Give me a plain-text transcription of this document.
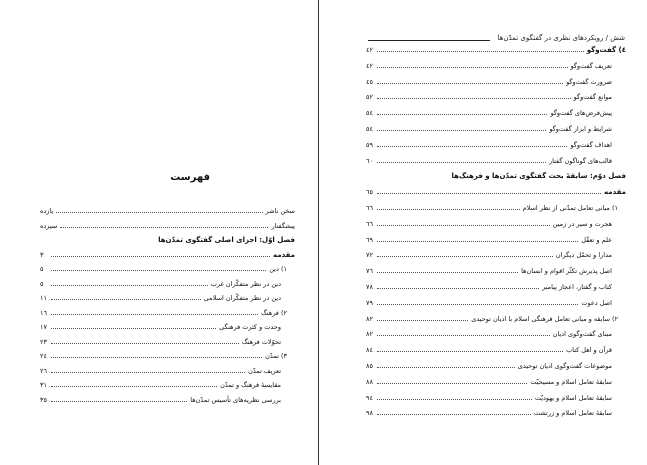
فهرست
سخن ناشر
یازده
پیشگفتار
سیزده
فصل اوّل: اجزای اصلی گفتگوی تمدّن‌ها
مقدمه
٣
١) دین
٥
دین در نظر متفکّران غرب
٥
دین در نظر متفکّران اسلامی
١١
٢) فرهنگ
١٦
وحدت و کثرت فرهنگی
١٧
تحوّلات فرهنگ
٢٣
٣) تمدّن
٢٤
تعریف تمدّن
٢٦
مقایسهٔ فرهنگ و تمدّن
٣١
بررسی نظریه‌های تأسیس تمدّن‌ها
٣٥
شش / رویکردهای نظری در گفتگوی تمدّن‌ها
٤) گفت‌وگو
٤٢
تعریف گفت‌وگو
٤٢
ضرورت گفت‌وگو
٤٥
موانع گفت‌وگو
٥٢
پیش‌فرض‌های گفت‌وگو
٥٤
شرایط و ابزار گفت‌وگو
٥٤
اهداف گفت‌وگو
٥٩
قالب‌های گوناگون گفتار
٦٠
فصل دوّم: سابقهٔ بحث گفتگوی تمدّن‌ها و فرهنگ‌ها
مقدمه
٦٥
١) مبانی تعامل تمدّنی از نظر اسلام
٦٦
هجرت و سیر در زمین
٦٦
علم و تعقّل
٦٩
مدارا و تحمّل دیگران
٧٢
اصل پذیرش تکثّر اقوام و انسان‌ها
٧٦
کتاب و گفتار، اعجاز پیامبر
٧٨
اصل دعوت
٧٩
٢) سابقه و مبانی تعامل فرهنگی اسلام با ادیان توحیدی
٨٢
مبنای گفت‌وگوی ادیان
٨٢
قرآن و اهل کتاب
٨٤
موضوعات گفت‌وگوی ادیان توحیدی
٨٥
سابقهٔ تعامل اسلام و مسیحیّت
٨٨
سابقهٔ تعامل اسلام و یهودیّت
٩٤
سابقهٔ تعامل اسلام و زرتشت
٩٨
